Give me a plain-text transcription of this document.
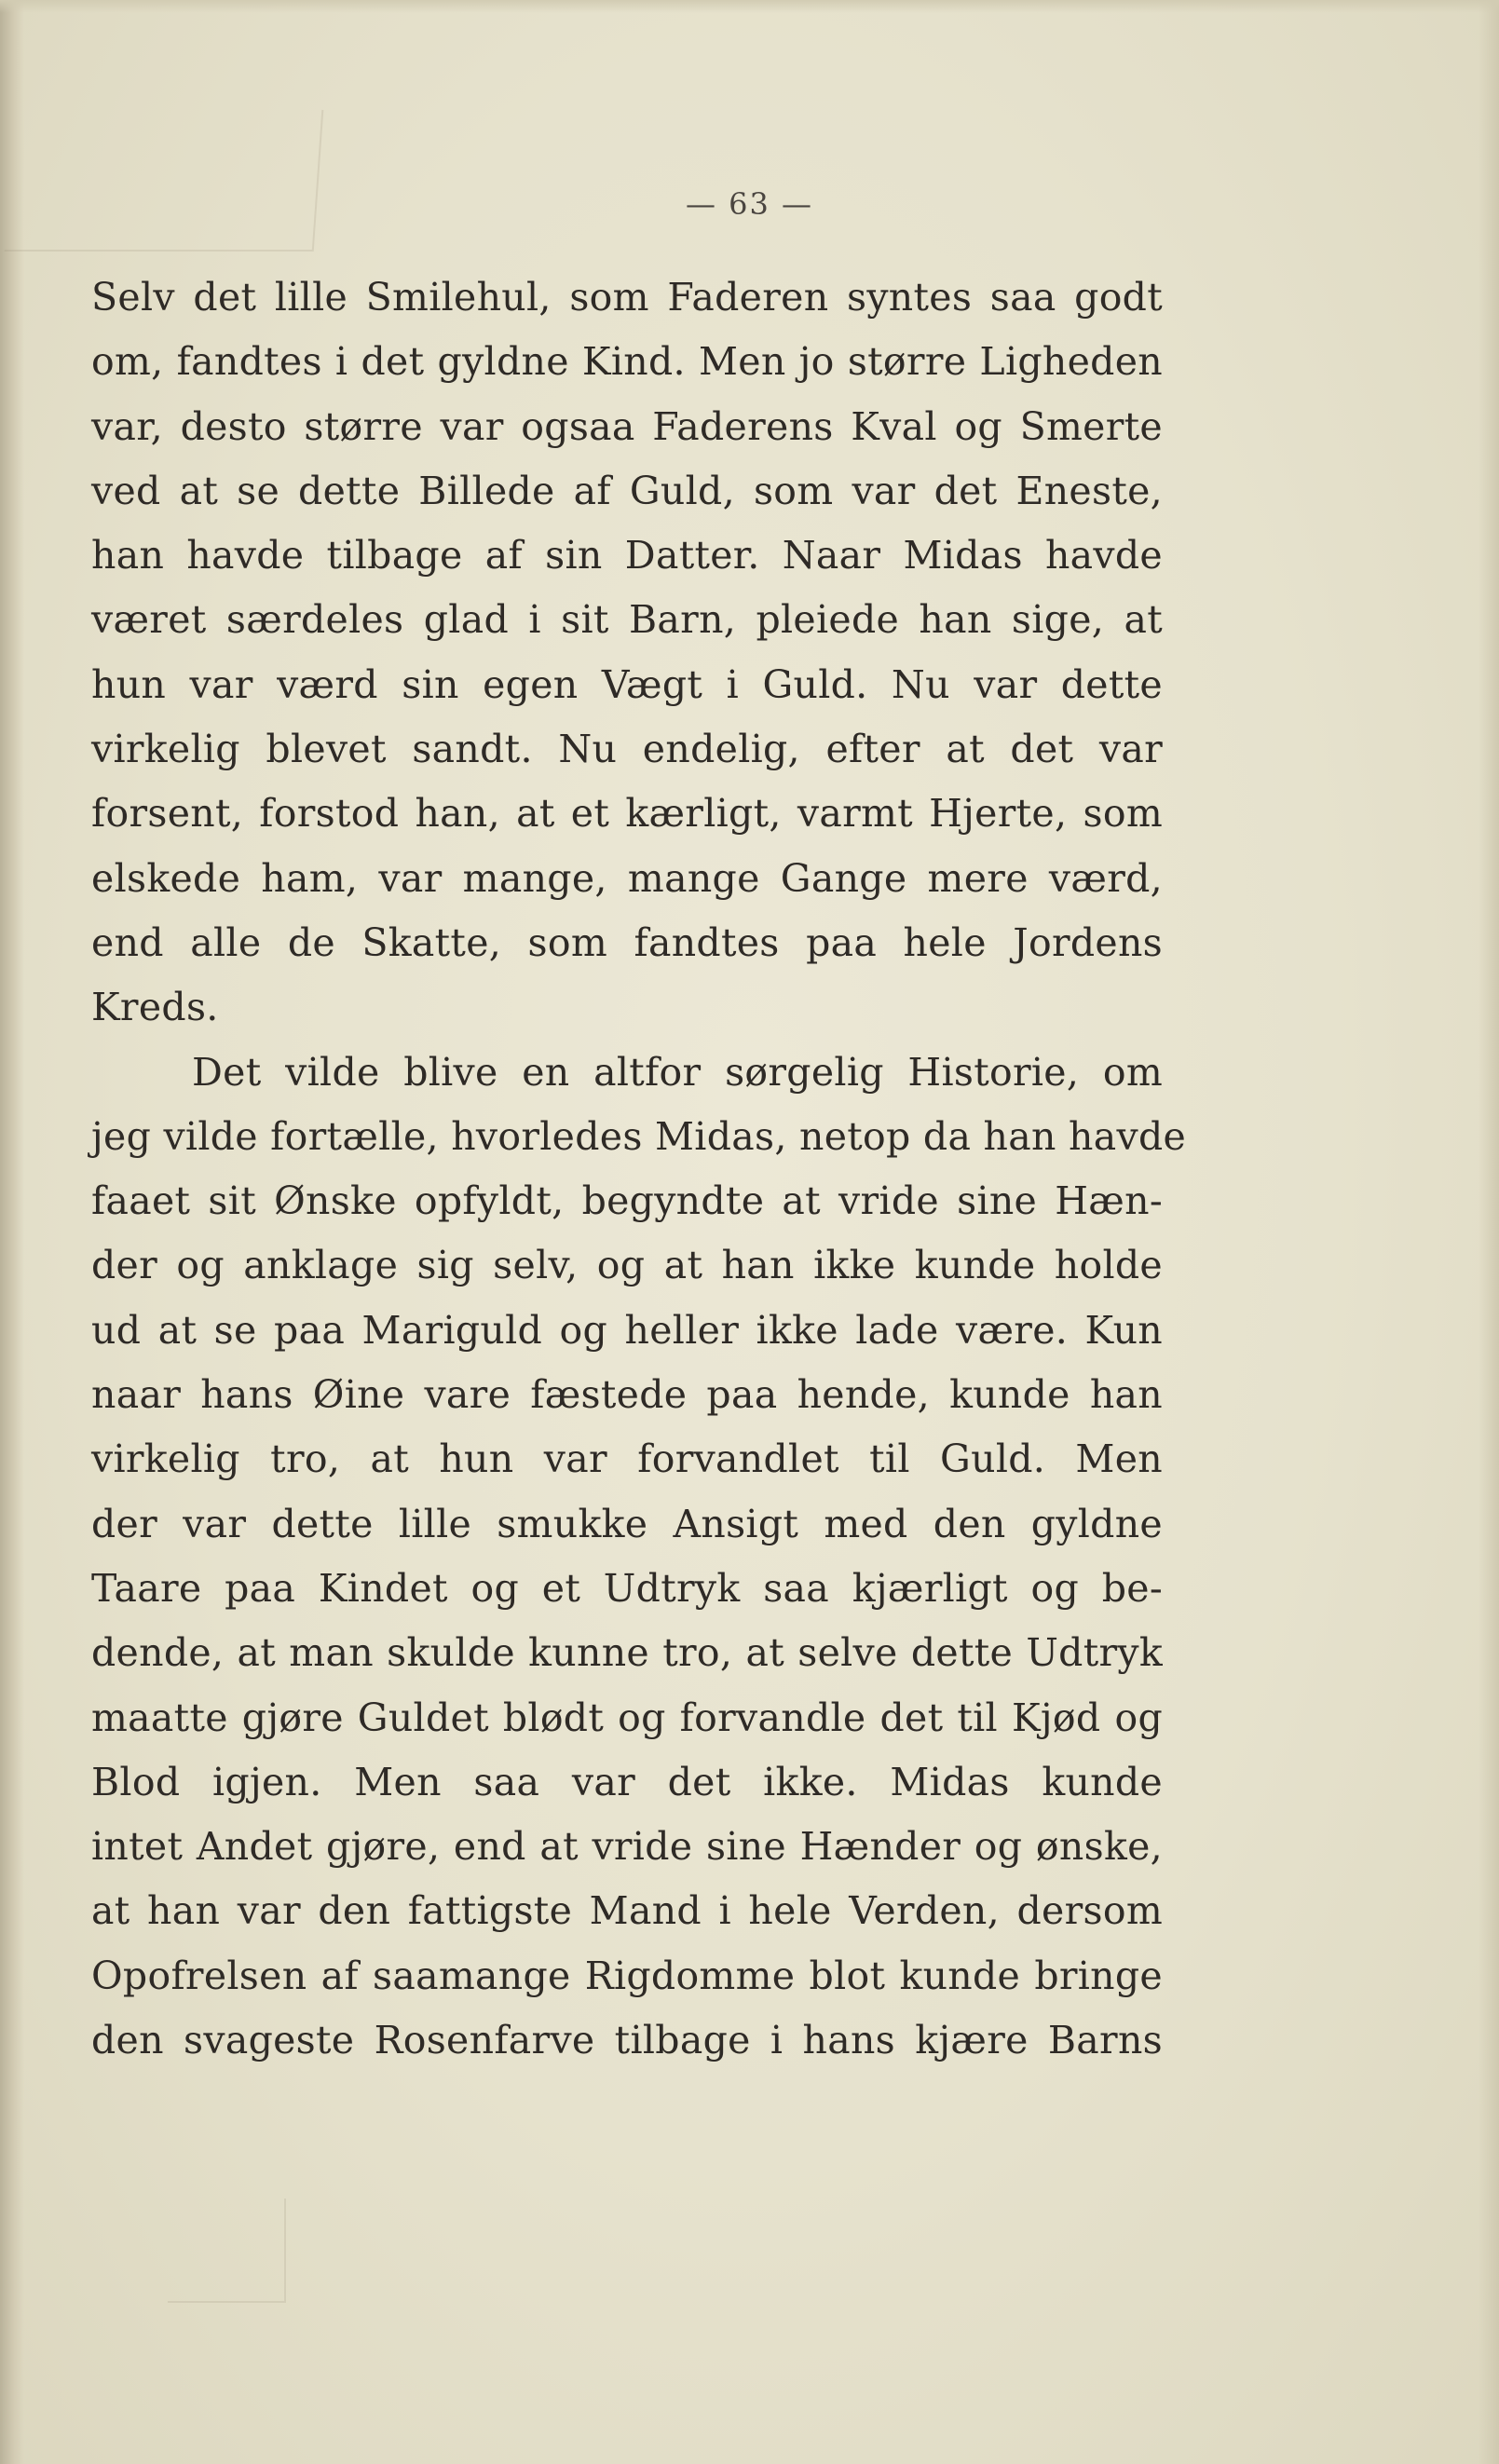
— 63 —
Selv det lille Smilehul, som Faderen syntes saa godt
om, fandtes i det gyldne Kind. Men jo større Ligheden
var, desto større var ogsaa Faderens Kval og Smerte
ved at se dette Billede af Guld, som var det Eneste,
han havde tilbage af sin Datter. Naar Midas havde
været særdeles glad i sit Barn, pleiede han sige, at
hun var værd sin egen Vægt i Guld. Nu var dette
virkelig blevet sandt. Nu endelig, efter at det var
forsent, forstod han, at et kærligt, varmt Hjerte, som
elskede ham, var mange, mange Gange mere værd,
end alle de Skatte, som fandtes paa hele Jordens
Kreds.
Det vilde blive en altfor sørgelig Historie, om
jeg vilde fortælle, hvorledes Midas, netop da han havde
faaet sit Ønske opfyldt, begyndte at vride sine Hæn-
der og anklage sig selv, og at han ikke kunde holde
ud at se paa Mariguld og heller ikke lade være. Kun
naar hans Øine vare fæstede paa hende, kunde han
virkelig tro, at hun var forvandlet til Guld. Men
der var dette lille smukke Ansigt med den gyldne
Taare paa Kindet og et Udtryk saa kjærligt og be-
dende, at man skulde kunne tro, at selve dette Udtryk
maatte gjøre Guldet blødt og forvandle det til Kjød og
Blod igjen. Men saa var det ikke. Midas kunde
intet Andet gjøre, end at vride sine Hænder og ønske,
at han var den fattigste Mand i hele Verden, dersom
Opofrelsen af saamange Rigdomme blot kunde bringe
den svageste Rosenfarve tilbage i hans kjære Barns
